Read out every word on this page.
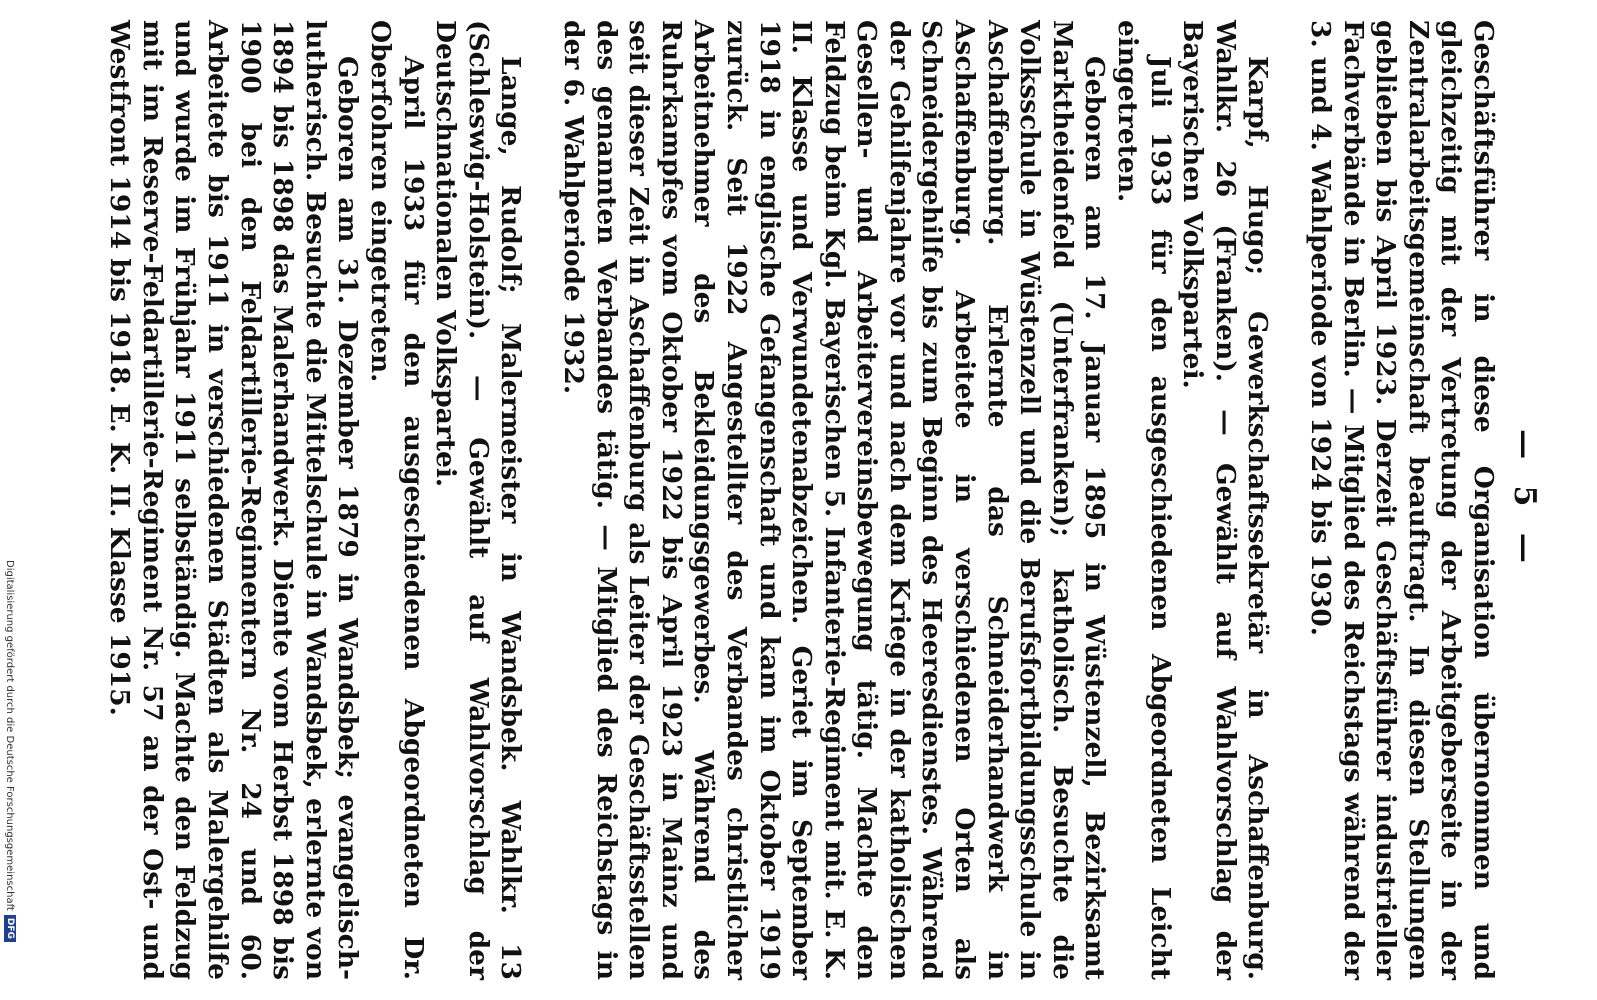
— 5 —

Geschäftsführer in diese Organisation übernommen und gleichzeitig mit der Vertretung der Arbeitgeberseite in der Zentralarbeitsgemeinschaft beauftragt. In diesen Stellungen geblieben bis April 1923. Derzeit Geschäftsführer industrieller Fachverbände in Berlin. — Mitglied des Reichstags während der 3. und 4. Wahlperiode von 1924 bis 1930.

Karpf, Hugo; Gewerkschaftssekretär in Aschaffenburg. Wahlkr. 26 (Franken). — Gewählt auf Wahlvorschlag der Bayerischen Volkspartei.

Juli 1933 für den ausgeschiedenen Abgeordneten Leicht eingetreten.

Geboren am 17. Januar 1895 in Wüstenzell, Bezirksamt Marktheidenfeld (Unterfranken); katholisch. Besuchte die Volksschule in Wüstenzell und die Berufsfortbildungsschule in Aschaffenburg. Erlernte das Schneiderhandwerk in Aschaffenburg. Arbeitete in verschiedenen Orten als Schneidergehilfe bis zum Beginn des Heeresdienstes. Während der Gehilfenjahre vor und nach dem Kriege in der katholischen Gesellen- und Arbeitervereinsbewegung tätig. Machte den Feldzug beim Kgl. Bayerischen 5. Infanterie-Regiment mit. E. K. II. Klasse und Verwundetenabzeichen. Geriet im September 1918 in englische Gefangenschaft und kam im Oktober 1919 zurück. Seit 1922 Angestellter des Verbandes christlicher Arbeitnehmer des Bekleidungsgewerbes. Während des Ruhrkampfes vom Oktober 1922 bis April 1923 in Mainz und seit dieser Zeit in Aschaffenburg als Leiter der Geschäftsstellen des genannten Verbandes tätig. — Mitglied des Reichstags in der 6. Wahlperiode 1932.

Lange, Rudolf; Malermeister in Wandsbek. Wahlkr. 13 (Schleswig-Holstein). — Gewählt auf Wahlvorschlag der Deutschnationalen Volkspartei.

April 1933 für den ausgeschiedenen Abgeordneten Dr. Oberfohren eingetreten.

Geboren am 31. Dezember 1879 in Wandsbek; evangelisch-lutherisch. Besuchte die Mittelschule in Wandsbek, erlernte von 1894 bis 1898 das Malerhandwerk. Diente vom Herbst 1898 bis 1900 bei den Feldartillerie-Regimentern Nr. 24 und 60. Arbeitete bis 1911 in verschiedenen Städten als Malergehilfe und wurde im Frühjahr 1911 selbständig. Machte den Feldzug mit im Reserve-Feldartillerie-Regiment Nr. 57 an der Ost- und Westfront 1914 bis 1918. E. K. II. Klasse 1915.

Digitalisierung gefördert durch die Deutsche Forschungsgemeinschaft
DFG
